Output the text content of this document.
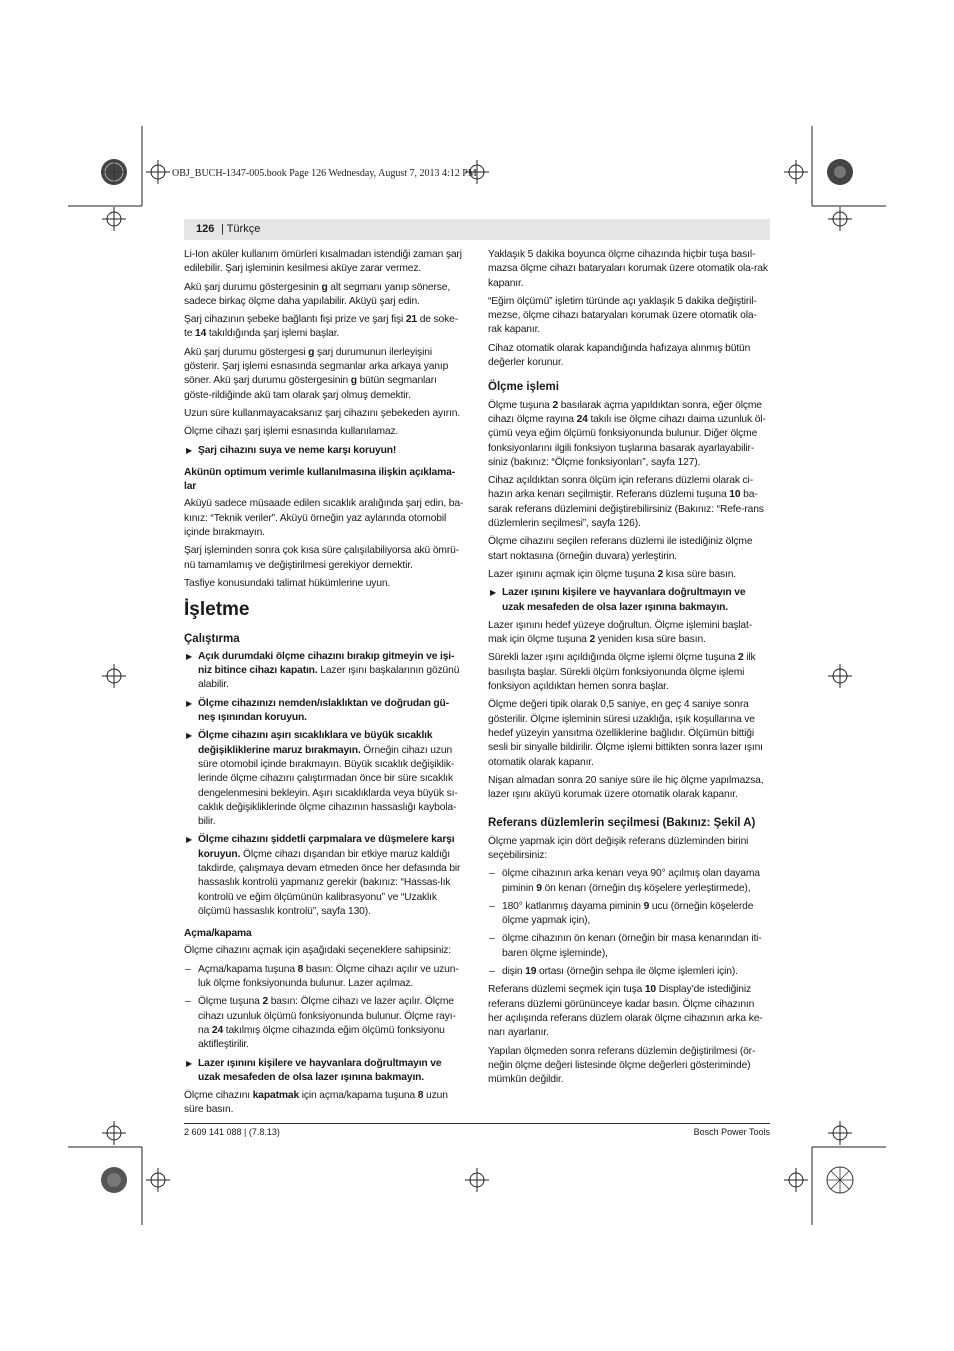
OBJ_BUCH-1347-005.book Page 126 Wednesday, August 7, 2013 4:12 PM
126 | Türkçe

Li-Ion aküler kullanım ömürleri kısalmadan istendiği zaman şarj edilebilir. Şarj işleminin kesilmesi aküye zarar vermez.

Akü şarj durumu göstergesinin g alt segmanı yanıp sönerse, sadece birkaç ölçme daha yapılabilir. Aküyü şarj edin.

Şarj cihazının şebeke bağlantı fişi prize ve şarj fişi 21 de soke-te 14 takıldığında şarj işlemi başlar.

Akü şarj durumu göstergesi g şarj durumunun ilerleyişini gösterir. Şarj işlemi esnasında segmanlar arka arkaya yanıp söner. Akü şarj durumu göstergesinin g bütün segmanları göste-rildiğinde akü tam olarak şarj olmuş demektir.

Uzun süre kullanmayacaksanız şarj cihazını şebekeden ayırın.

Ölçme cihazı şarj işlemi esnasında kullanılamaz.

▶ Şarj cihazını suya ve neme karşı koruyun!

Akünün optimum verimle kullanılmasına ilişkin açıklama-lar

Aküyü sadece müsaade edilen sıcaklık aralığında şarj edin, ba-kınız: “Teknik veriler”. Aküyü örneğin yaz aylarında otomobil içinde bırakmayın.

Şarj işleminden sonra çok kısa süre çalışılabiliyorsa akü ömrü-nü tamamlamış ve değiştirilmesi gerekiyor demektir.

Tasfiye konusundaki talimat hükümlerine uyun.

İşletme
Çalıştırma

▶ Açık durumdaki ölçme cihazını bırakıp gitmeyin ve işi-niz bitince cihazı kapatın. Lazer ışını başkalarının gözünü alabilir.

▶ Ölçme cihazınızı nemden/ıslaklıktan ve doğrudan gü-neş ışınından koruyun.

▶ Ölçme cihazını aşırı sıcaklıklara ve büyük sıcaklık değişikliklerine maruz bırakmayın. Örneğin cihazı uzun süre otomobil içinde bırakmayın. Büyük sıcaklık değişiklik-lerinde ölçme cihazını çalıştırmadan önce bir süre sıcaklık dengelenmesini bekleyin. Aşırı sıcaklıklarda veya büyük sı-caklık değişikliklerinde ölçme cihazının hassaslığı kaybola-bilir.

▶ Ölçme cihazını şiddetli çarpmalara ve düşmelere karşı koruyun. Ölçme cihazı dışarıdan bir etkiye maruz kaldığı takdirde, çalışmaya devam etmeden önce her defasında bir hassaslık kontrolü yapmanız gerekir (bakınız: “Hassas-lık kontrolü ve eğim ölçümünün kalibrasyonu” ve “Uzaklık ölçümü hassaslık kontrolü”, sayfa 130).

Açma/kapama

Ölçme cihazını açmak için aşağıdaki seçeneklere sahipsiniz:

– Açma/kapama tuşuna 8 basın: Ölçme cihazı açılır ve uzun-luk ölçme fonksiyonunda bulunur. Lazer açılmaz.

– Ölçme tuşuna 2 basın: Ölçme cihazı ve lazer açılır. Ölçme cihazı uzunluk ölçümü fonksiyonunda bulunur. Ölçme rayı-na 24 takılmış ölçme cihazında eğim ölçümü fonksiyonu aktifleştirilir.

▶ Lazer ışınını kişilere ve hayvanlara doğrultmayın ve uzak mesafeden de olsa lazer ışınına bakmayın.

Ölçme cihazını kapatmak için açma/kapama tuşuna 8 uzun süre basın.

Yaklaşık 5 dakika boyunca ölçme cihazında hiçbir tuşa basıl-mazsa ölçme cihazı bataryaları korumak üzere otomatik ola-rak kapanır.

“Eğim ölçümü” işletim türünde açı yaklaşık 5 dakika değiştiril-mezse, ölçme cihazı bataryaları korumak üzere otomatik ola-rak kapanır.

Cihaz otomatik olarak kapandığında hafızaya alınmış bütün değerler korunur.

Ölçme işlemi

Ölçme tuşuna 2 basılarak açma yapıldıktan sonra, eğer ölçme cihazı ölçme rayına 24 takılı ise ölçme cihazı daima uzunluk öl-çümü veya eğim ölçümü fonksiyonunda bulunur. Diğer ölçme fonksiyonlarını ilgili fonksiyon tuşlarına basarak ayarlayabilir-siniz (bakınız: “Ölçme fonksiyonları”, sayfa 127).

Cihaz açıldıktan sonra ölçüm için referans düzlemi olarak ci-hazın arka kenarı seçilmiştir. Referans düzlemi tuşuna 10 ba-sarak referans düzlemini değiştirebilirsiniz (Bakınız: “Refe-rans düzlemlerin seçilmesi”, sayfa 126).

Ölçme cihazını seçilen referans düzlemi ile istediğiniz ölçme start noktasına (örneğin duvara) yerleştirin.

Lazer ışınını açmak için ölçme tuşuna 2 kısa süre basın.

▶ Lazer ışınını kişilere ve hayvanlara doğrultmayın ve uzak mesafeden de olsa lazer ışınına bakmayın.

Lazer ışınını hedef yüzeye doğrultun. Ölçme işlemini başlat-mak için ölçme tuşuna 2 yeniden kısa süre basın.

Sürekli lazer ışını açıldığında ölçme işlemi ölçme tuşuna 2 ilk basılışta başlar. Sürekli ölçüm fonksiyonunda ölçme işlemi fonksiyon açıldıktan hemen sonra başlar.

Ölçme değeri tipik olarak 0,5 saniye, en geç 4 saniye sonra gösterilir. Ölçme işleminin süresi uzaklığa, ışık koşullarına ve hedef yüzeyin yansıtma özelliklerine bağlıdır. Ölçümün bittiği sesli bir sinyalle bildirilir. Ölçme işlemi bittikten sonra lazer ışını otomatik olarak kapanır.

Nişan almadan sonra 20 saniye süre ile hiç ölçme yapılmazsa, lazer ışını aküyü korumak üzere otomatik olarak kapanır.

Referans düzlemlerin seçilmesi (Bakınız: Şekil A)

Ölçme yapmak için dört değişik referans düzleminden birini seçebilirsiniz:

– ölçme cihazının arka kenarı veya 90° açılmış olan dayama piminin 9 ön kenarı (örneğin dış köşelere yerleştirmede),

– 180° katlanmış dayama piminin 9 ucu (örneğin köşelerde ölçme yapmak için),

– ölçme cihazının ön kenarı (örneğin bir masa kenarından iti-baren ölçme işleminde),

– dişin 19 ortası (örneğin sehpa ile ölçme işlemleri için).

Referans düzlemi seçmek için tuşa 10 Display’de istediğiniz referans düzlemi görününceye kadar basın. Ölçme cihazının her açılışında referans düzlem olarak ölçme cihazının arka ke-narı ayarlanır.

Yapılan ölçmeden sonra referans düzlemin değiştirilmesi (ör-neğin ölçme değeri listesinde ölçme değerleri gösteriminde) mümkün değildir.

2 609 141 088 | (7.8.13)	Bosch Power Tools
